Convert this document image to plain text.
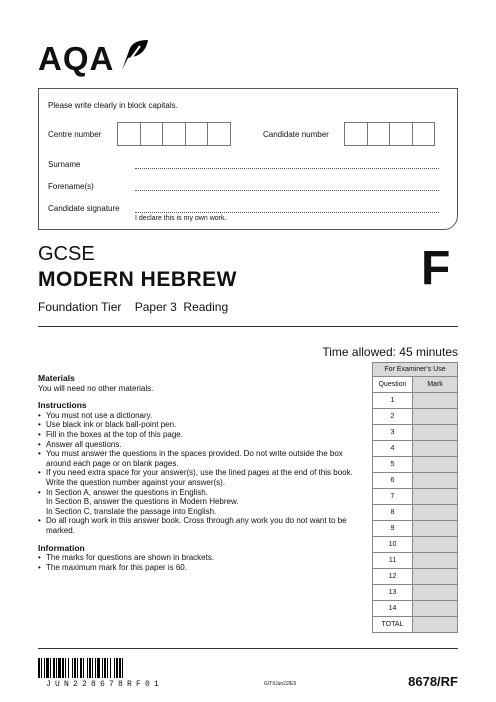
AQA
Please write clearly in block capitals.
Centre number	Candidate number
Surname
Forename(s)
Candidate signature
I declare this is my own work.
GCSE
MODERN HEBREW
Foundation Tier    Paper 3  Reading
F
Time allowed: 45 minutes
For Examiner's Use	
Question	Mark
1	
2	
3	
4	
5	
6	
7	
8	
9	
10	
11	
12	
13	
14	
TOTAL	
Materials

You will need no other materials.

Instructions
• You must not use a dictionary.
• Use black ink or black ball-point pen.
• Fill in the boxes at the top of this page.
• Answer all questions.
• You must answer the questions in the spaces provided. Do not write outside the box around each page or on blank pages.
• If you need extra space for your answer(s), use the lined pages at the end of this book. Write the question number against your answer(s).
• In Section A, answer the questions in English.
In Section B, answer the questions in Modern Hebrew.
In Section C, translate the passage into English.
• Do all rough work in this answer book. Cross through any work you do not want to be marked.
Information
• The marks for questions are shown in brackets.
• The maximum mark for this paper is 60.
JUN228678RF01	G/TI/Jun22/E5	8678/RF
